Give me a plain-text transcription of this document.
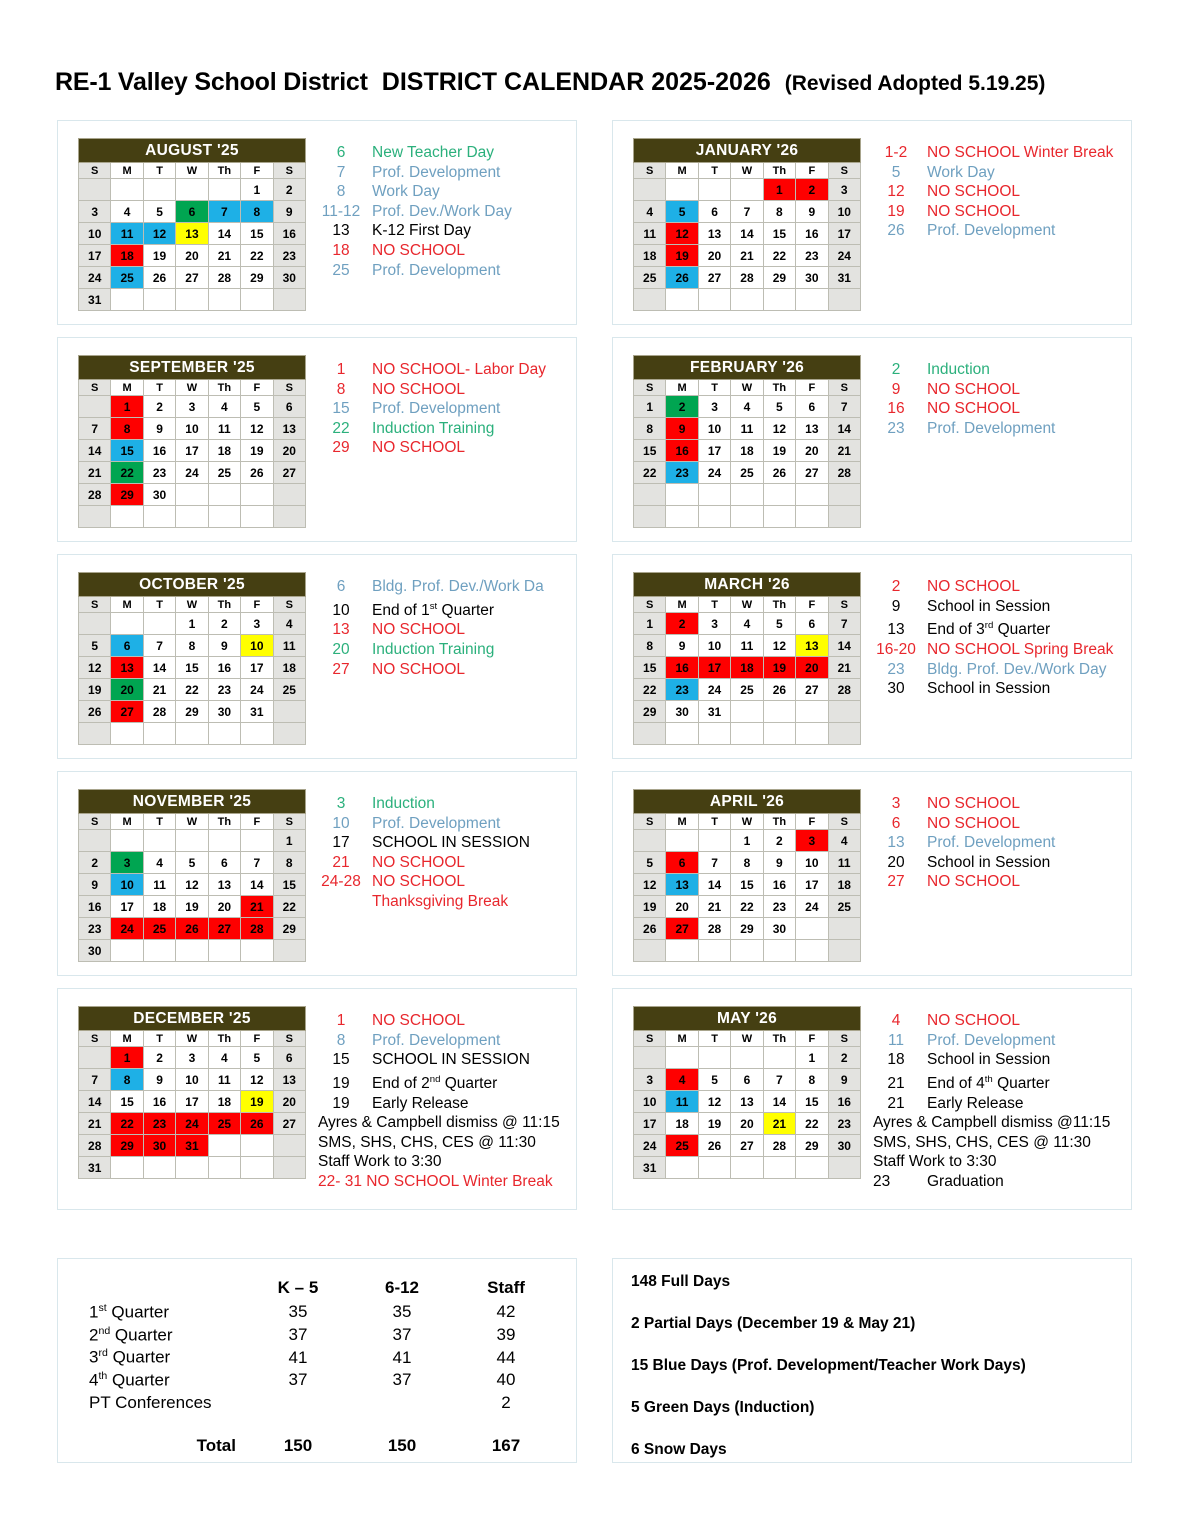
RE-1 Valley School District DISTRICT CALENDAR 2025-2026 (Revised Adopted 5.19.25)
AUGUST '25						
S	M	T	W	Th	F	S
					1	2
3	4	5	6	7	8	9
10	11	12	13	14	15	16
17	18	19	20	21	22	23
24	25	26	27	28	29	30
31						
6	New Teacher Day
7	Prof. Development
8	Work Day
11-12 Prof. Dev./Work Day
13	K-12 First Day
18	NO SCHOOL
25	Prof. Development
JANUARY '26						
S	M	T	W	Th	F	S
				1	2	3
4	5	6	7	8	9	10
11	12	13	14	15	16	17
18	19	20	21	22	23	24
25	26	27	28	29	30	31

1-2	NO SCHOOL Winter Break
5	Work Day
12	NO SCHOOL
19	NO SCHOOL
26	Prof. Development
SEPTEMBER '25						
S	M	T	W	Th	F	S
	1	2	3	4	5	6
7	8	9	10	11	12	13
14	15	16	17	18	19	20
21	22	23	24	25	26	27
28	29	30				

1	NO SCHOOL- Labor Day
8	NO SCHOOL
15	Prof. Development
22	Induction Training
29	NO SCHOOL
FEBRUARY '26						
S	M	T	W	Th	F	S
1	2	3	4	5	6	7
8	9	10	11	12	13	14
15	16	17	18	19	20	21
22	23	24	25	26	27	28

2	Induction
9	NO SCHOOL
16	NO SCHOOL
23	Prof. Development
OCTOBER '25						
S	M	T	W	Th	F	S
			1	2	3	4
5	6	7	8	9	10	11
12	13	14	15	16	17	18
19	20	21	22	23	24	25
26	27	28	29	30	31	

6	Bldg. Prof. Dev./Work Da
10	End of 1st Quarter
13	NO SCHOOL
20	Induction Training
27	NO SCHOOL
MARCH '26						
S	M	T	W	Th	F	S
1	2	3	4	5	6	7
8	9	10	11	12	13	14
15	16	17	18	19	20	21
22	23	24	25	26	27	28
29	30	31				

2	NO SCHOOL
9	School in Session
13	End of 3rd Quarter
16-20 NO SCHOOL Spring Break
23	Bldg. Prof. Dev./Work Day
30	School in Session
NOVEMBER '25						
S	M	T	W	Th	F	S
						1
2	3	4	5	6	7	8
9	10	11	12	13	14	15
16	17	18	19	20	21	22
23	24	25	26	27	28	29
30						
3	Induction
10	Prof. Development
17	SCHOOL IN SESSION
21	NO SCHOOL
24-28 NO SCHOOL
Thanksgiving Break
APRIL '26						
S	M	T	W	Th	F	S
			1	2	3	4
5	6	7	8	9	10	11
12	13	14	15	16	17	18
19	20	21	22	23	24	25
26	27	28	29	30		

3	NO SCHOOL
6	NO SCHOOL
13	Prof. Development
20	School in Session
27	NO SCHOOL
DECEMBER '25						
S	M	T	W	Th	F	S
	1	2	3	4	5	6
7	8	9	10	11	12	13
14	15	16	17	18	19	20
21	22	23	24	25	26	27
28	29	30	31			
31						
1	NO SCHOOL
8	Prof. Development
15	SCHOOL IN SESSION
19	End of 2nd Quarter
19	Early Release
Ayres & Campbell dismiss @ 11:15
SMS, SHS, CHS, CES @ 11:30
Staff Work to 3:30
22- 31 NO SCHOOL Winter Break
MAY '26						
S	M	T	W	Th	F	S
					1	2
3	4	5	6	7	8	9
10	11	12	13	14	15	16
17	18	19	20	21	22	23
24	25	26	27	28	29	30
31						
4	NO SCHOOL
11	Prof. Development
18	School in Session
21	End of 4th Quarter
21	Early Release
Ayres & Campbell dismiss @11:15
SMS, SHS, CHS, CES @ 11:30
Staff Work to 3:30
23	Graduation
	K – 5	6-12	Staff
1st Quarter	35	35	42
2nd Quarter	37	37	39
3rd Quarter	41	41	44
4th Quarter	37	37	40
PT Conferences			2

Total	150	150	167
148 Full Days
2 Partial Days (December 19 & May 21)
15 Blue Days (Prof. Development/Teacher Work Days)
5 Green Days (Induction)
6 Snow Days
